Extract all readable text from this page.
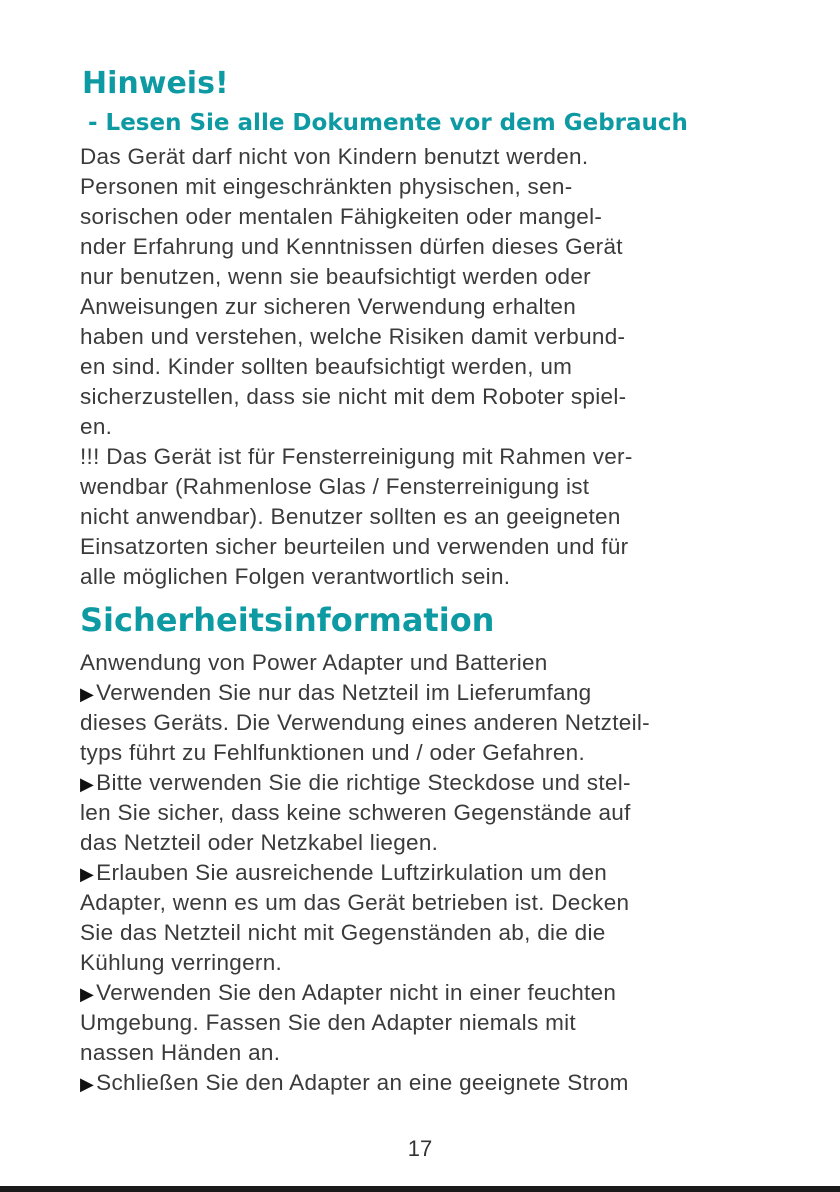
Hinweis!
- Lesen Sie alle Dokumente vor dem Gebrauch
Das Gerät darf nicht von Kindern benutzt werden.
Personen mit eingeschränkten physischen, sen-
sorischen oder mentalen Fähigkeiten oder mangel-
nder Erfahrung und Kenntnissen dürfen dieses Gerät
nur benutzen, wenn sie beaufsichtigt werden oder
Anweisungen zur sicheren Verwendung erhalten
haben und verstehen, welche Risiken damit verbund-
en sind. Kinder sollten beaufsichtigt werden, um
sicherzustellen, dass sie nicht mit dem Roboter spiel-
en.
!!! Das Gerät ist für Fensterreinigung mit Rahmen ver-
wendbar (Rahmenlose Glas / Fensterreinigung ist
nicht anwendbar). Benutzer sollten es an geeigneten
Einsatzorten sicher beurteilen und verwenden und für
alle möglichen Folgen verantwortlich sein.
Sicherheitsinformation
Anwendung von Power Adapter und Batterien
▶Verwenden Sie nur das Netzteil im Lieferumfang
dieses Geräts. Die Verwendung eines anderen Netzteil-
typs führt zu Fehlfunktionen und / oder Gefahren.
▶Bitte verwenden Sie die richtige Steckdose und stel-
len Sie sicher, dass keine schweren Gegenstände auf
das Netzteil oder Netzkabel liegen.
▶Erlauben Sie ausreichende Luftzirkulation um den
Adapter, wenn es um das Gerät betrieben ist. Decken
Sie das Netzteil nicht mit Gegenständen ab, die die
Kühlung verringern.
▶Verwenden Sie den Adapter nicht in einer feuchten
Umgebung. Fassen Sie den Adapter niemals mit
nassen Händen an.
▶Schließen Sie den Adapter an eine geeignete Strom
17
